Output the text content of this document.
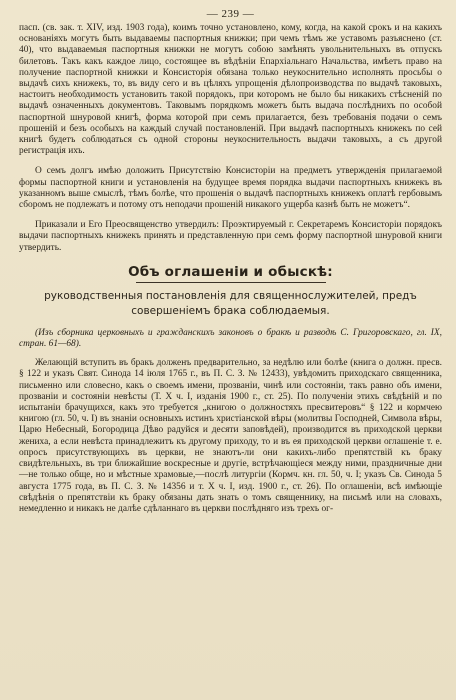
— 239 —

пасп. (св. зак. т. XIV, изд. 1903 года), коимъ точно установлено, кому, когда, на какой срокъ и на какихъ основаніяхъ могутъ быть выдаваемы паспортныя книжки; при чемъ тѣмъ же уставомъ разъяснено (ст. 40), что выдаваемыя паспортныя книжки не могутъ собою замѣнять увольнительныхъ въ отпускъ билетовъ. Такъ какъ каждое лицо, состоящее въ вѣдѣніи Епархіальнаго Начальства, имѣетъ право на получение паспортной книжки и Консисторія обязана только неукоснительно исполнять просьбы о выдачѣ сихъ книжекъ, то, въ виду сего и въ цѣляхъ упрощенія дѣлопроизводства по выдачѣ таковыхъ, настоитъ необходимость установить такой порядокъ, при которомъ не было бы никакихъ стѣсненій по выдачѣ означенныхъ документовъ. Таковымъ порядкомъ можетъ быть выдача послѣднихъ по особой паспортной шнуровой книгѣ, форма которой при семъ прилагается, безъ требованія подачи о семъ прошеній и безъ особыхъ на каждый случай постановленій. При выдачѣ паспортныхъ книжекъ по сей книгѣ будетъ соблюдаться съ одной стороны неукоснительность выдачи таковыхъ, а съ другой регистрація ихъ.

О семъ долгъ имѣю доложить Присутствію Консисторіи на предметъ утвержденія прилагаемой формы паспортной книги и установленія на будущее время порядка выдачи паспортныхъ книжекъ въ указанномъ выше смыслѣ, тѣмъ болѣе, что прошенія о выдачѣ паспортныхъ книжекъ оплатѣ гербовымъ сборомъ не подлежатъ и потому отъ неподачи прошеній никакого ущерба казнѣ быть не можетъ“.

Приказали и Его Преосвященство утвердилъ: Проэктируемый г. Секретаремъ Консисторіи порядокъ выдачи паспортныхъ книжекъ принять и представленную при семъ форму паспортной шнуровой книги утвердить.

Объ оглашеніи и обыскѣ:
руководственныя постановленія для священнослужителей, предъ совершеніемъ брака соблюдаемыя.

(Изъ сборника церковныхъ и гражданскихъ законовъ о бракѣ и разводѣ С. Григоровскаго, гл. IX, стран. 61—68).

Желающій вступить въ бракъ долженъ предварительно, за недѣлю или болѣе (книга о должн. пресв. § 122 и указъ Свят. Синода 14 іюля 1765 г., въ П. С. З. № 12433), увѣдомить приходскаго священника, письменно или словесно, какъ о своемъ имени, прозваніи, чинѣ или состояніи, такъ равно объ имени, прозваніи и состояніи невѣсты (Т. Х ч. I, изданія 1900 г., ст. 25). По полученіи этихъ свѣдѣній и по испытаніи брачущихся, какъ это требуется „книгою о должностяхъ пресвитеровъ“ § 122 и кормчею книгою (гл. 50, ч. I) въ знаніи основныхъ истинъ христіанской вѣры (молитвы Господней, Символа вѣры, Царю Небесный, Богородица Дѣво радуйся и десяти заповѣдей), производится въ приходской церкви жениха, а если невѣста принадлежитъ къ другому приходу, то и въ ея приходской церкви оглашеніе т. е. опросъ присутствующихъ въ церкви, не знаютъ-ли они какихъ-либо препятствій къ браку свидѣтельныхъ, въ три ближайшие воскресные и другіе, встрѣчающіеся между ними, праздничные дни—не только обще, но и мѣстные храмовые,—послѣ литургіи (Кормч. кн. гл. 50, ч. I; указъ Св. Синода 5 августа 1775 года, въ П. С. З. № 14356 и т. Х ч. I, изд. 1900 г., ст. 26). По оглашеніи, всѣ имѣющіе свѣдѣнія о препятствіи къ браку обязаны дать знать о томъ священнику, на письмѣ или на словахъ, немедленно и никакъ не далѣе сдѣланнаго въ церкви послѣдняго изъ трехъ ог-
